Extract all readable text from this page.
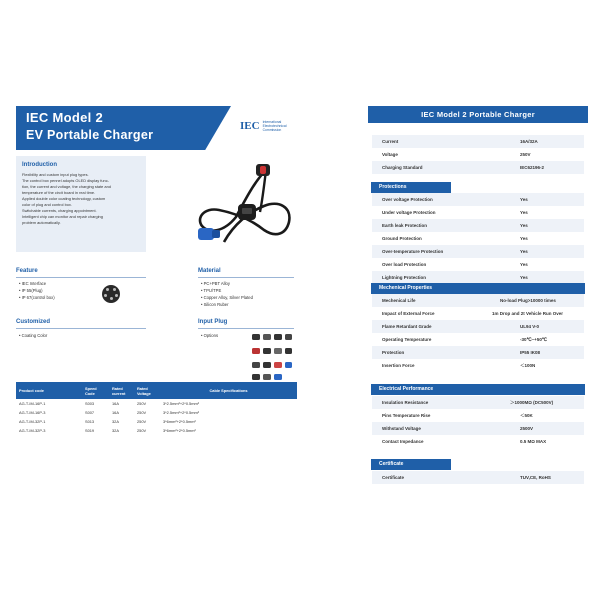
IEC Model 2
EV Portable Charger
IEC International Electrotechnical Commission
Introduction

Flexibility and custom input plug types.

The control box pennel adopts OLED display func-

tion, the current and voltage, the charging state and

temperature of the circit board in real time.

Applied double color coating technology, custom

color of plug and control box.

Switchable currents, charging appointment.

Intelligent chip can monitor and repair charging

problem automatically.

Feature
• IEC Interface
• IP 55(Plug)
• IP 67(control box)
Material
• PC+PBT Alloy
• TPU/TPE
• Copper Alloy, Silver Plated
• Silicon Ruber
Customized
• Coating Color
Input Plug
• Options
Product code	Speed Code	Rated current	Rated Voltage	Cable Specifications
AG-T-IM-16P-1	S003	16A	250V	3*2.5mm²+2*0.5mm²
AG-T-IM-16P-3	S007	16A	250V	3*2.5mm²+2*0.5mm²
AG-T-IM-32P-1	S013	32A	250V	3*6mm²+2*0.5mm²
AG-T-IM-32P-3	S019	32A	250V	3*6mm²+2*0.5mm²
IEC Model 2 Portable Charger
Current	16A/32A
Voltage	250V
Charging Standard	IEC62196-2
Protections
Over voltage Protection	Yes
Under voltage Protection	Yes
Earth leak Protection	Yes
Ground Protection	Yes
Over-temperature Protection	Yes
Over load Protection	Yes
Lightning Protection	Yes
Mechenical Properties
Mechenical Life	No-load Plug>10000 times
Impact of External Force	1m Drop and 2t Vehicle Run Over
Flame Retardant Grade	UL94 V-0
Operating Temperature	-30℃~+50℃
Protection	IP55 IK08
Insertion Force	＜100N
Electrical Performance
Insulation Resistance	＞1000MΩ (DC500V)
Pins Temperature Rise	＜50K
Withstand Voltage	2500V
Contact Impedance	0.5 MΩ MAX
Certificate
Certificate	TUV,CE, RoHS
